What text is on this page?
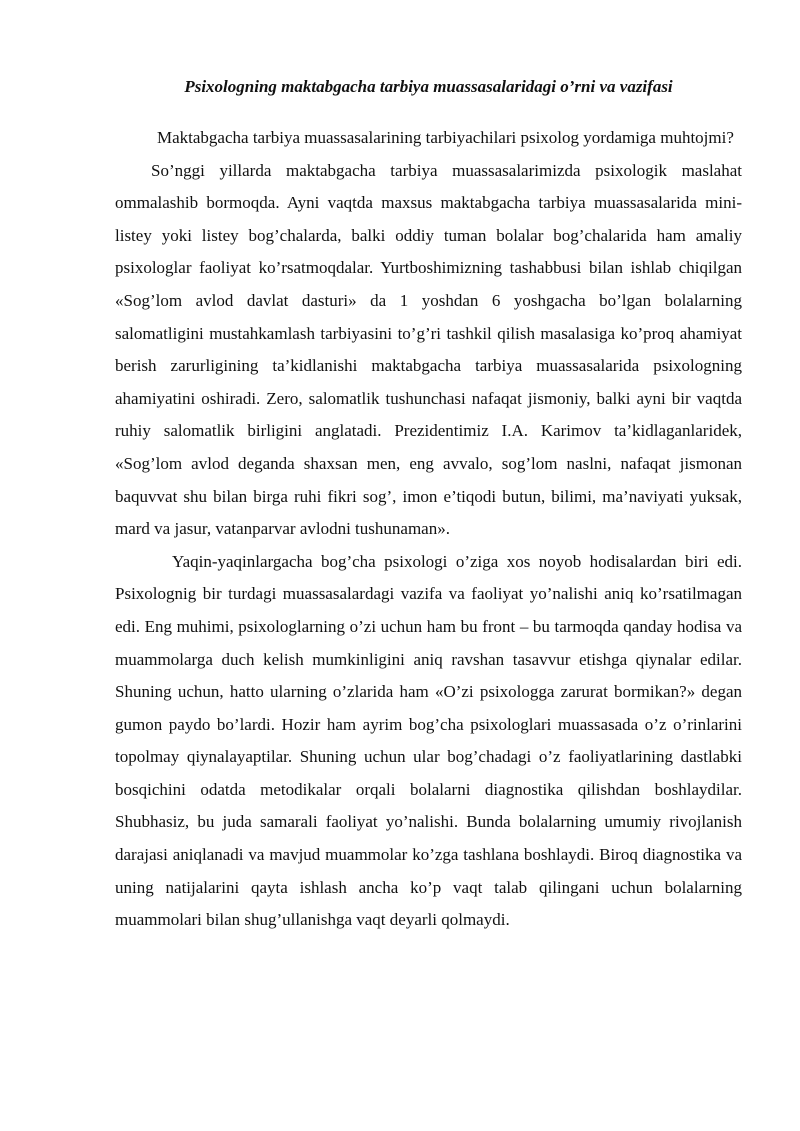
Psixologning maktabgacha tarbiya muassasalaridagi o’rni va vazifasi

Maktabgacha tarbiya muassasalarining tarbiyachilari psixolog yordamiga muhtojmi?

So’nggi yillarda maktabgacha tarbiya muassasalarimizda psixologik maslahat ommalashib bormoqda. Ayni vaqtda maxsus maktabgacha tarbiya muassasalarida mini- listey yoki listey bog’chalarda, balki oddiy tuman bolalar bog’chalarida ham amaliy psixologlar faoliyat ko’rsatmoqdalar. Yurtboshimizning tashabbusi bilan ishlab chiqilgan «Sog’lom avlod davlat dasturi» da 1 yoshdan 6 yoshgacha bo’lgan bolalarning salomatligini mustahkamlash tarbiyasini to’g’ri tashkil qilish masalasiga ko’proq ahamiyat berish zarurligining ta’kidlanishi maktabgacha tarbiya muassasalarida psixologning ahamiyatini oshiradi. Zero, salomatlik tushunchasi nafaqat jismoniy, balki ayni bir vaqtda ruhiy salomatlik birligini anglatadi. Prezidentimiz I.A. Karimov ta’kidlaganlaridek, «Sog’lom avlod deganda shaxsan men, eng avvalo, sog’lom naslni, nafaqat jismonan baquvvat shu bilan birga ruhi fikri sog’, imon e’tiqodi butun, bilimi, ma’naviyati yuksak, mard va jasur, vatanparvar avlodni tushunaman».

Yaqin-yaqinlargacha bog’cha psixologi o’ziga xos noyob hodisalardan biri edi. Psixolognig bir turdagi muassasalardagi vazifa va faoliyat yo’nalishi aniq ko’rsatilmagan edi. Eng muhimi, psixologlarning o’zi uchun ham bu front – bu tarmoqda qanday hodisa va muammolarga duch kelish mumkinligini aniq ravshan tasavvur etishga qiynalar edilar. Shuning uchun, hatto ularning o’zlarida ham «O’zi psixologga zarurat bormikan?» degan gumon paydo bo’lardi. Hozir ham ayrim bog’cha psixologlari muassasada o’z o’rinlarini topolmay qiynalayaptilar. Shuning uchun ular bog’chadagi o’z faoliyatlarining dastlabki bosqichini odatda metodikalar orqali bolalarni diagnostika qilishdan boshlaydilar. Shubhasiz, bu juda samarali faoliyat yo’nalishi. Bunda bolalarning umumiy rivojlanish darajasi aniqlanadi va mavjud muammolar ko’zga tashlana boshlaydi. Biroq diagnostika va uning natijalarini qayta ishlash ancha ko’p vaqt talab qilingani uchun bolalarning muammolari bilan shug’ullanishga vaqt deyarli qolmaydi.
